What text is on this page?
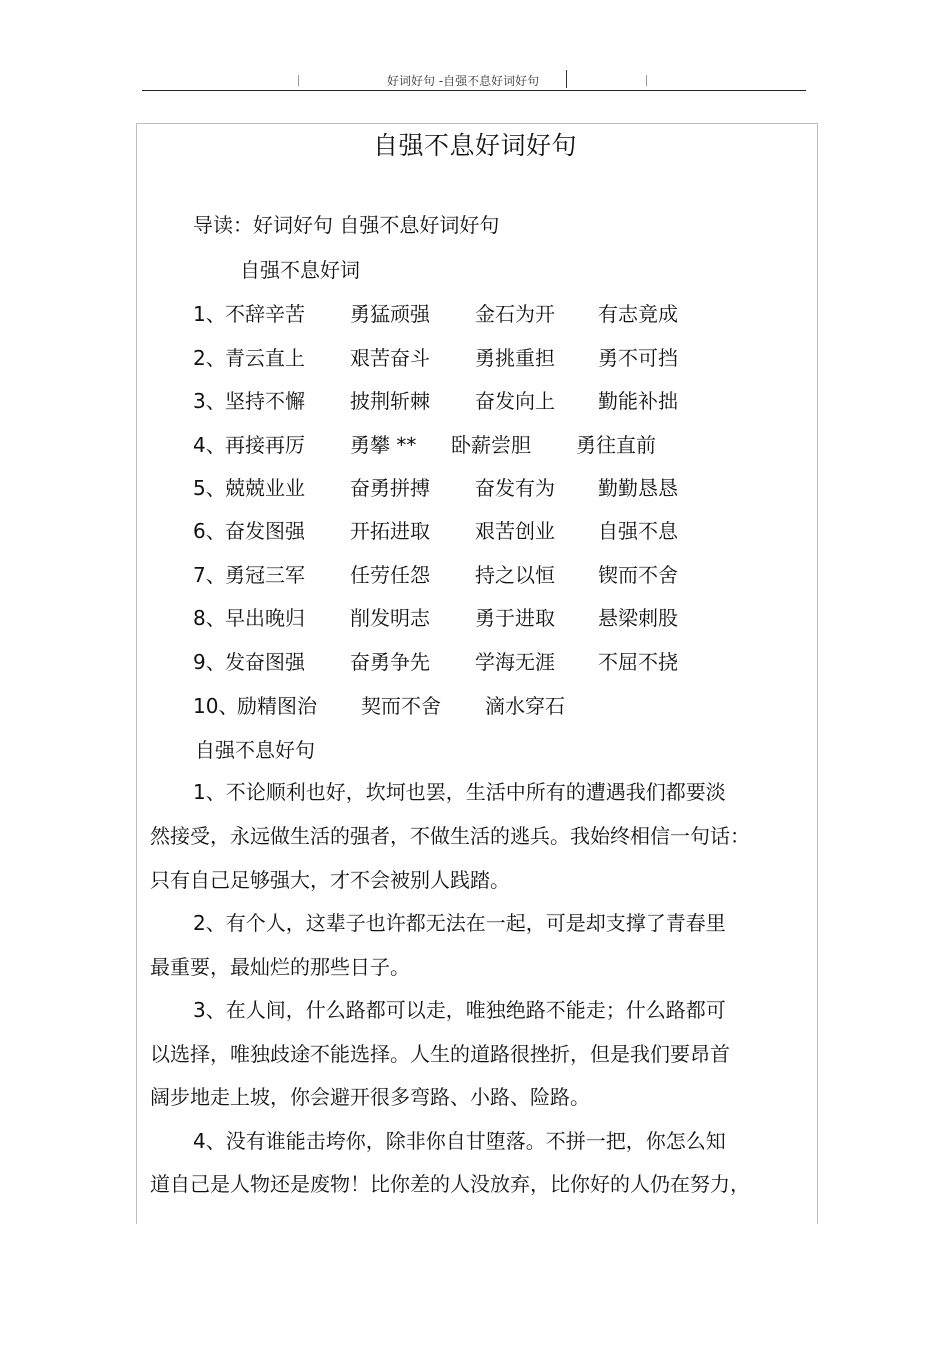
好词好句 -自强不息好词好句
自强不息好词好句
导读：好词好句 自强不息好词好句
自强不息好词
1、 不辞辛苦 勇猛顽强 金石为开 有志竟成
2、 青云直上 艰苦奋斗 勇挑重担 勇不可挡
3、 坚持不懈 披荆斩棘 奋发向上 勤能补拙
4、 再接再厉 勇攀 ** 卧薪尝胆 勇往直前
5、 兢兢业业 奋勇拼搏 奋发有为 勤勤恳恳
6、 奋发图强 开拓进取 艰苦创业 自强不息
7、 勇冠三军 任劳任怨 持之以恒 锲而不舍
8、 早出晚归 削发明志 勇于进取 悬梁刺股
9、 发奋图强 奋勇争先 学海无涯 不屈不挠
10、
励精图治 契而不舍 滴水穿石
自强不息好句
1、不论顺利也好，坎坷也罢，生活中所有的遭遇我们都要淡
然接受，永远做生活的强者，不做生活的逃兵。我始终相信一句话：
只有自己足够强大，才不会被别人践踏。
2、有个人，这辈子也许都无法在一起，可是却支撑了青春里
最重要，最灿烂的那些日子。
3、在人间，什么路都可以走，唯独绝路不能走；什么路都可
以选择，唯独歧途不能选择。人生的道路很挫折，但是我们要昂首
阔步地走上坡，你会避开很多弯路、小路、险路。
4、没有谁能击垮你，除非你自甘堕落。不拼一把，你怎么知
道自己是人物还是废物！比你差的人没放弃，比你好的人仍在努力，
